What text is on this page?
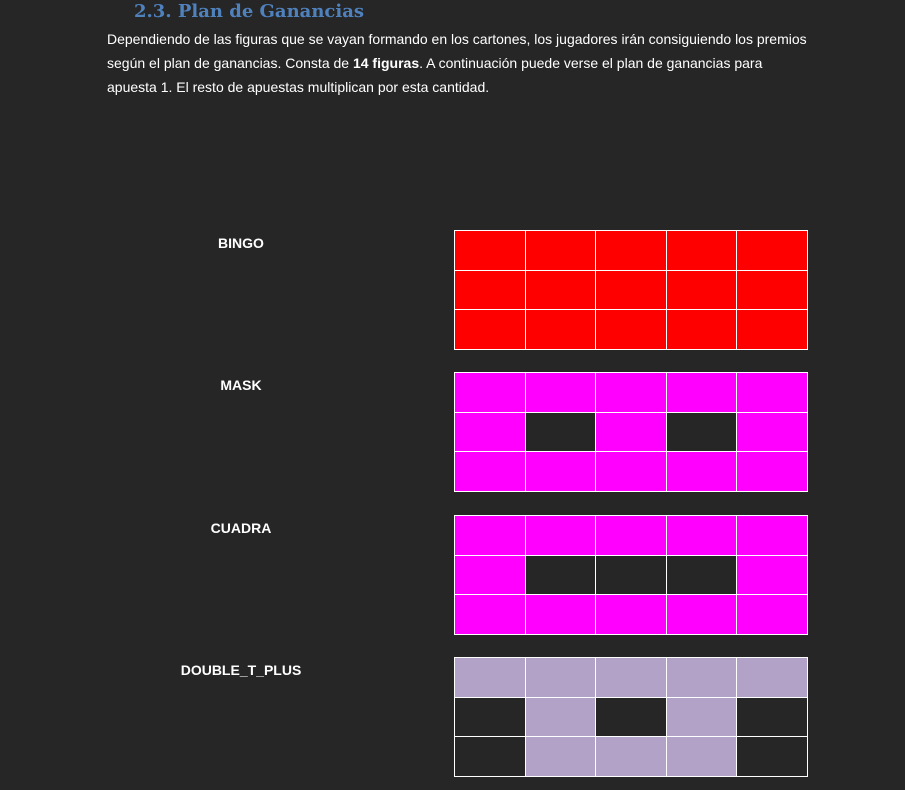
2.3. Plan de Ganancias
Dependiendo de las figuras que se vayan formando en los cartones, los jugadores irán consiguiendo los premios según el plan de ganancias. Consta de 14 figuras. A continuación puede verse el plan de ganancias para apuesta 1. El resto de apuestas multiplican por esta cantidad.
BINGO
MASK
CUADRA
DOUBLE_T_PLUS
